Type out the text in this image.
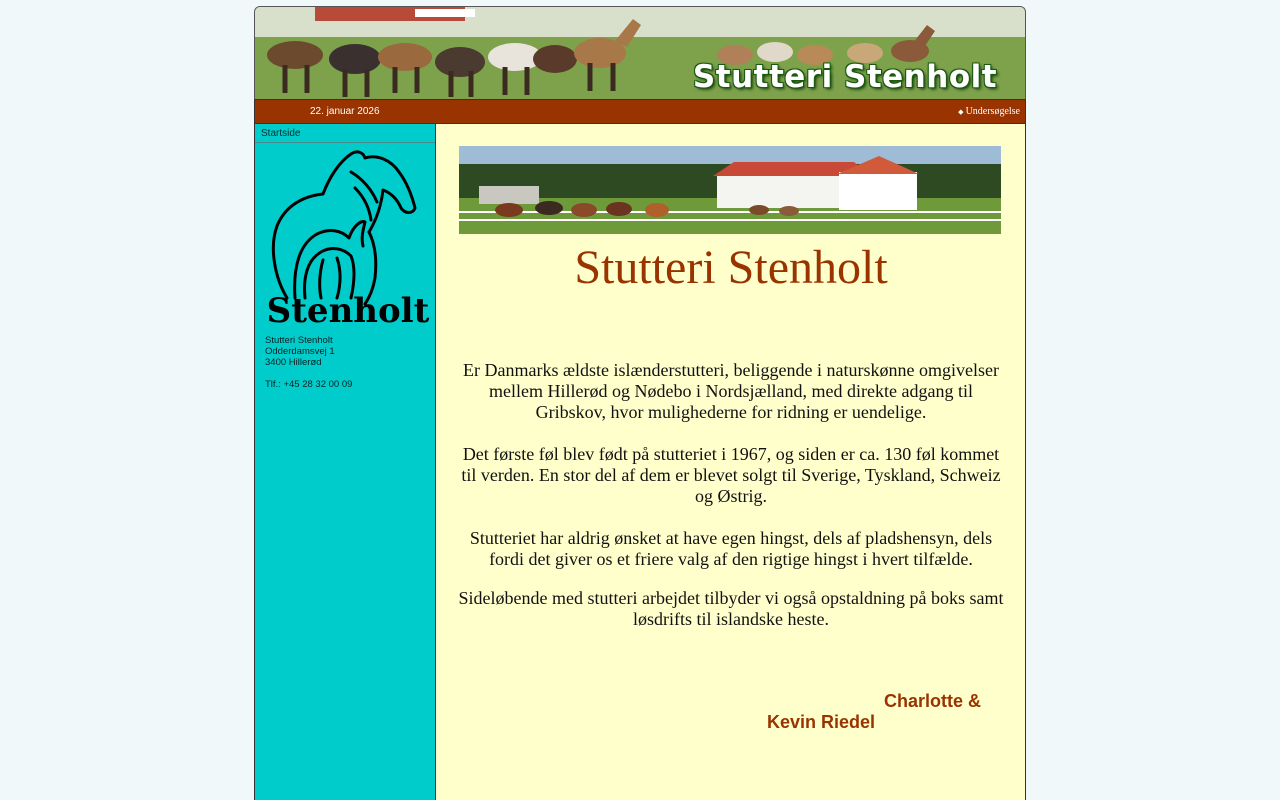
Stutteri Stenholt
22. januar 2026	◆ Undersøgelse
Startside
Stenholt
Stutteri Stenholt
Odderdamsvej 1
3400 Hillerød
Tlf.: +45 28 32 00 09
Stutteri Stenholt
Er Danmarks ældste islænderstutteri, beliggende i naturskønne omgivelser mellem Hillerød og Nødebo i Nordsjælland, med direkte adgang til Gribskov, hvor mulighederne for ridning er uendelige.
Det første føl blev født på stutteriet i 1967, og siden er ca. 130 føl kommet til verden. En stor del af dem er blevet solgt til Sverige, Tyskland, Schweiz og Østrig.
Stutteriet har aldrig ønsket at have egen hingst, dels af pladshensyn, dels fordi det giver os et friere valg af den rigtige hingst i hvert tilfælde.
Sideløbende med stutteri arbejdet tilbyder vi også opstaldning på boks samt løsdrifts til islandske heste.
Charlotte &
Kevin Riedel
